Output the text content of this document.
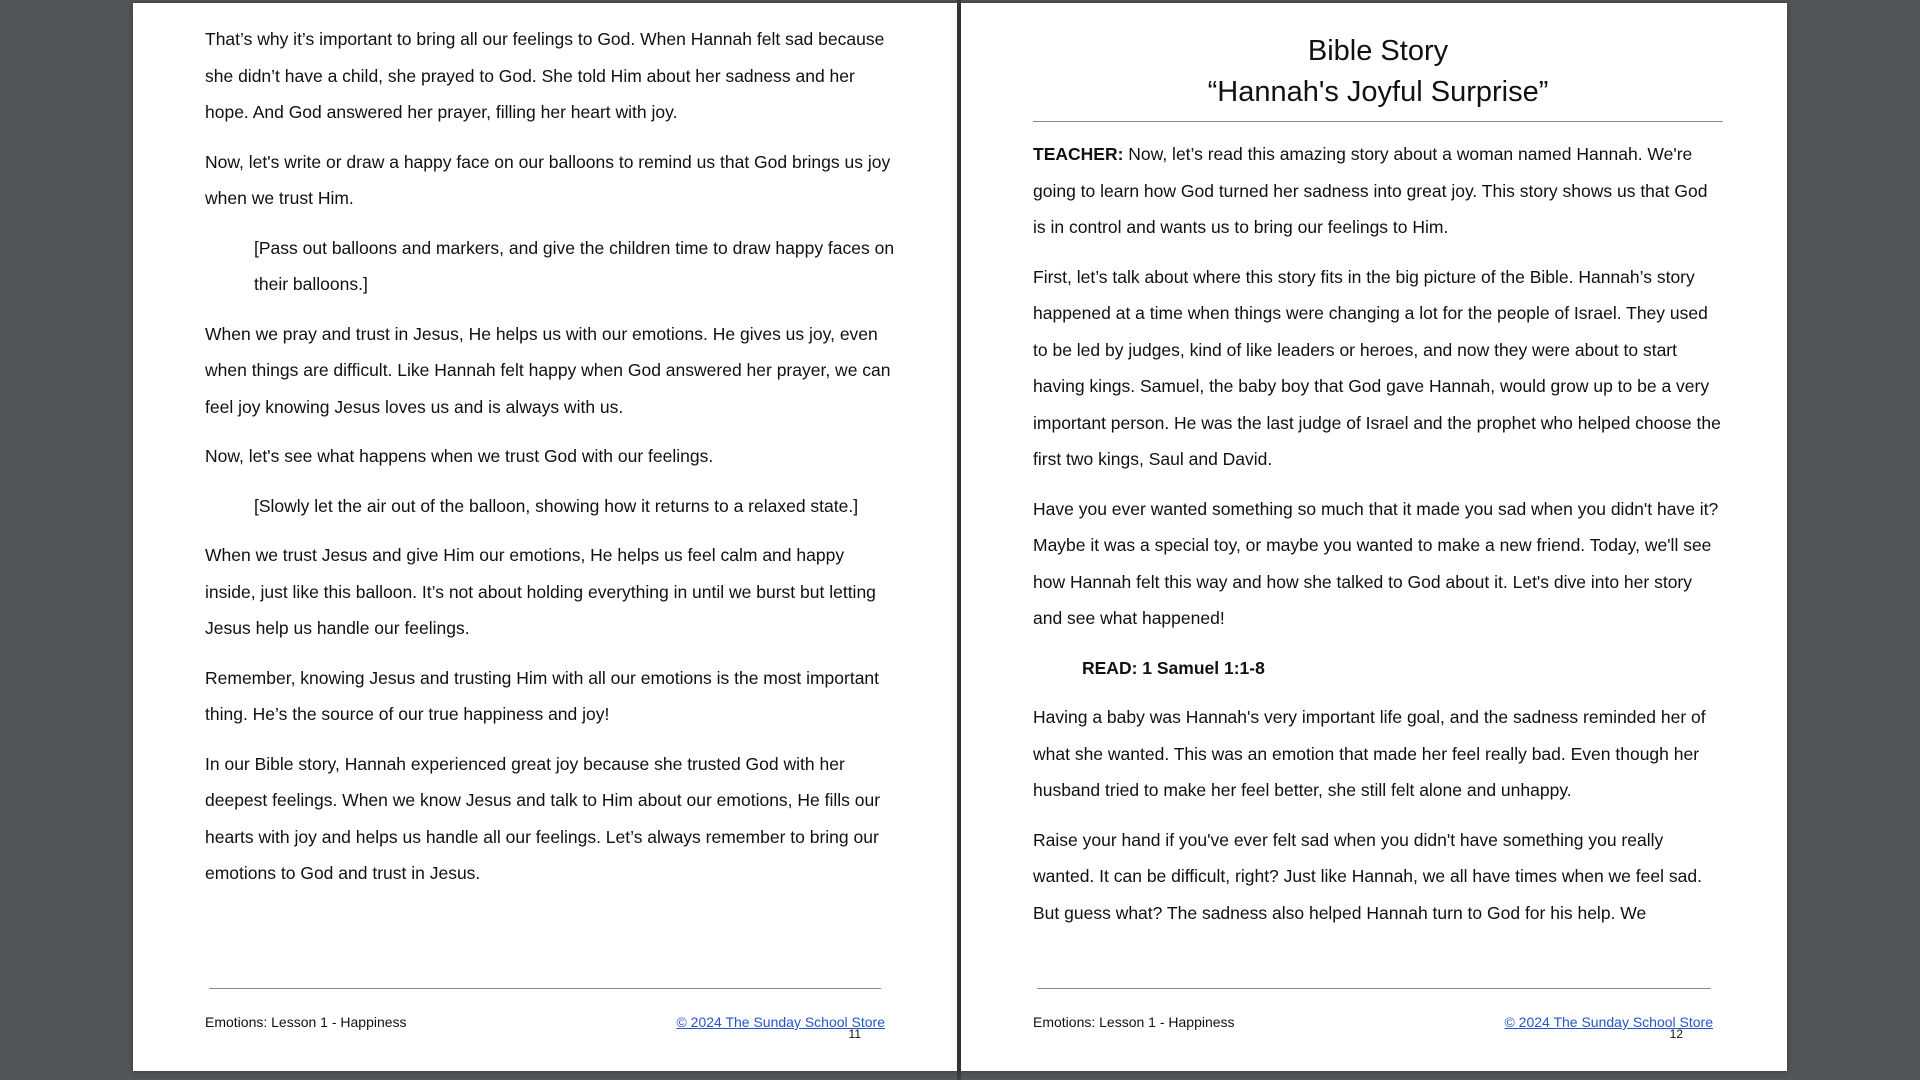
That’s why it’s important to bring all our feelings to God. When Hannah felt sad because she didn’t have a child, she prayed to God. She told Him about her sadness and her hope. And God answered her prayer, filling her heart with joy.

Now, let's write or draw a happy face on our balloons to remind us that God brings us joy when we trust Him.

[Pass out balloons and markers, and give the children time to draw happy faces on their balloons.]

When we pray and trust in Jesus, He helps us with our emotions. He gives us joy, even when things are difficult. Like Hannah felt happy when God answered her prayer, we can feel joy knowing Jesus loves us and is always with us.

Now, let's see what happens when we trust God with our feelings.

[Slowly let the air out of the balloon, showing how it returns to a relaxed state.]

When we trust Jesus and give Him our emotions, He helps us feel calm and happy inside, just like this balloon. It’s not about holding everything in until we burst but letting Jesus help us handle our feelings.

Remember, knowing Jesus and trusting Him with all our emotions is the most important thing. He’s the source of our true happiness and joy!

In our Bible story, Hannah experienced great joy because she trusted God with her deepest feelings. When we know Jesus and talk to Him about our emotions, He fills our hearts with joy and helps us handle all our feelings. Let’s always remember to bring our emotions to God and trust in Jesus.

Emotions: Lesson 1 - Happiness	© 2024 The Sunday School Store
11

Bible Story

“Hannah's Joyful Surprise”

TEACHER: Now, let’s read this amazing story about a woman named Hannah. We're going to learn how God turned her sadness into great joy. This story shows us that God is in control and wants us to bring our feelings to Him.

First, let’s talk about where this story fits in the big picture of the Bible. Hannah’s story happened at a time when things were changing a lot for the people of Israel. They used to be led by judges, kind of like leaders or heroes, and now they were about to start having kings. Samuel, the baby boy that God gave Hannah, would grow up to be a very important person. He was the last judge of Israel and the prophet who helped choose the first two kings, Saul and David.

Have you ever wanted something so much that it made you sad when you didn't have it? Maybe it was a special toy, or maybe you wanted to make a new friend. Today, we'll see how Hannah felt this way and how she talked to God about it. Let's dive into her story and see what happened!

READ: 1 Samuel 1:1-8

Having a baby was Hannah's very important life goal, and the sadness reminded her of what she wanted. This was an emotion that made her feel really bad. Even though her husband tried to make her feel better, she still felt alone and unhappy.

Raise your hand if you've ever felt sad when you didn't have something you really wanted. It can be difficult, right? Just like Hannah, we all have times when we feel sad. But guess what? The sadness also helped Hannah turn to God for his help. We

Emotions: Lesson 1 - Happiness	© 2024 The Sunday School Store
12
